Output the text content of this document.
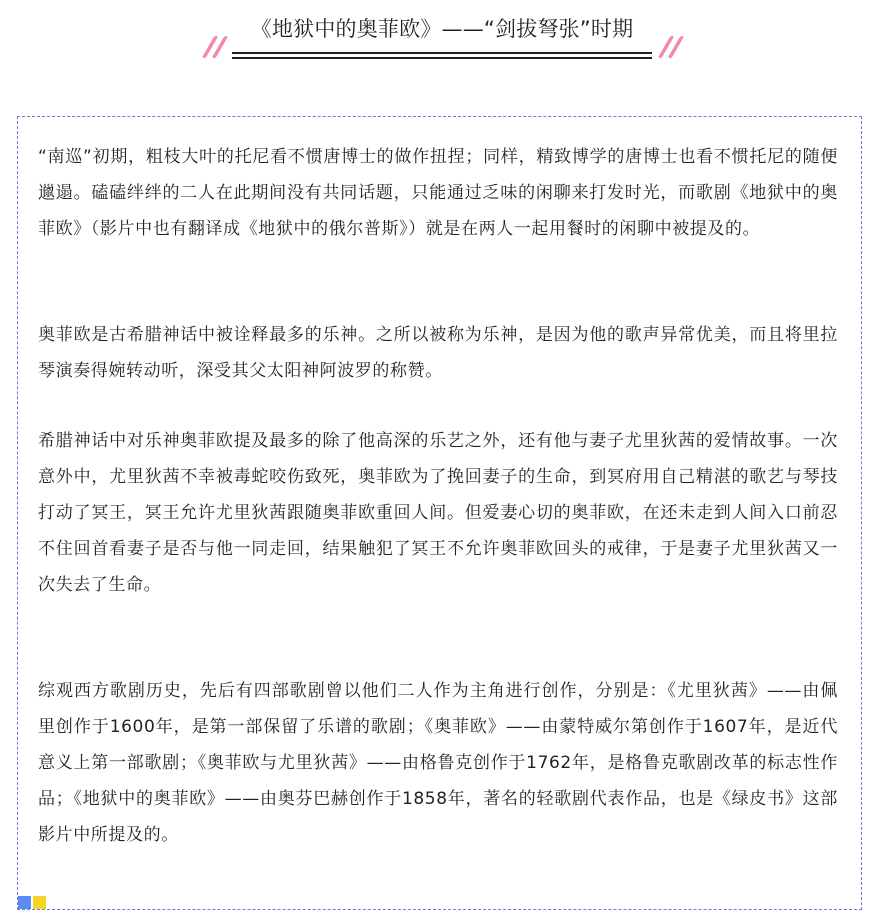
《地狱中的奥菲欧》——“剑拔弩张”时期

“南巡”初期，粗枝大叶的托尼看不惯唐博士的做作扭捏；同样，精致博学的唐博士也看不惯托尼的随便邋遢。磕磕绊绊的二人在此期间没有共同话题，只能通过乏味的闲聊来打发时光，而歌剧《地狱中的奥菲欧》（影片中也有翻译成《地狱中的俄尔普斯》）就是在两人一起用餐时的闲聊中被提及的。

奥菲欧是古希腊神话中被诠释最多的乐神。之所以被称为乐神，是因为他的歌声异常优美，而且将里拉琴演奏得婉转动听，深受其父太阳神阿波罗的称赞。

希腊神话中对乐神奥菲欧提及最多的除了他高深的乐艺之外，还有他与妻子尤里狄茜的爱情故事。一次意外中，尤里狄茜不幸被毒蛇咬伤致死，奥菲欧为了挽回妻子的生命，到冥府用自己精湛的歌艺与琴技打动了冥王，冥王允许尤里狄茜跟随奥菲欧重回人间。但爱妻心切的奥菲欧，在还未走到人间入口前忍不住回首看妻子是否与他一同走回，结果触犯了冥王不允许奥菲欧回头的戒律，于是妻子尤里狄茜又一次失去了生命。

综观西方歌剧历史，先后有四部歌剧曾以他们二人作为主角进行创作，分别是：《尤里狄茜》——由佩里创作于1600年，是第一部保留了乐谱的歌剧；《奥菲欧》——由蒙特威尔第创作于1607年，是近代意义上第一部歌剧；《奥菲欧与尤里狄茜》——由格鲁克创作于1762年，是格鲁克歌剧改革的标志性作品；《地狱中的奥菲欧》——由奥芬巴赫创作于1858年，著名的轻歌剧代表作品，也是《绿皮书》这部影片中所提及的。
